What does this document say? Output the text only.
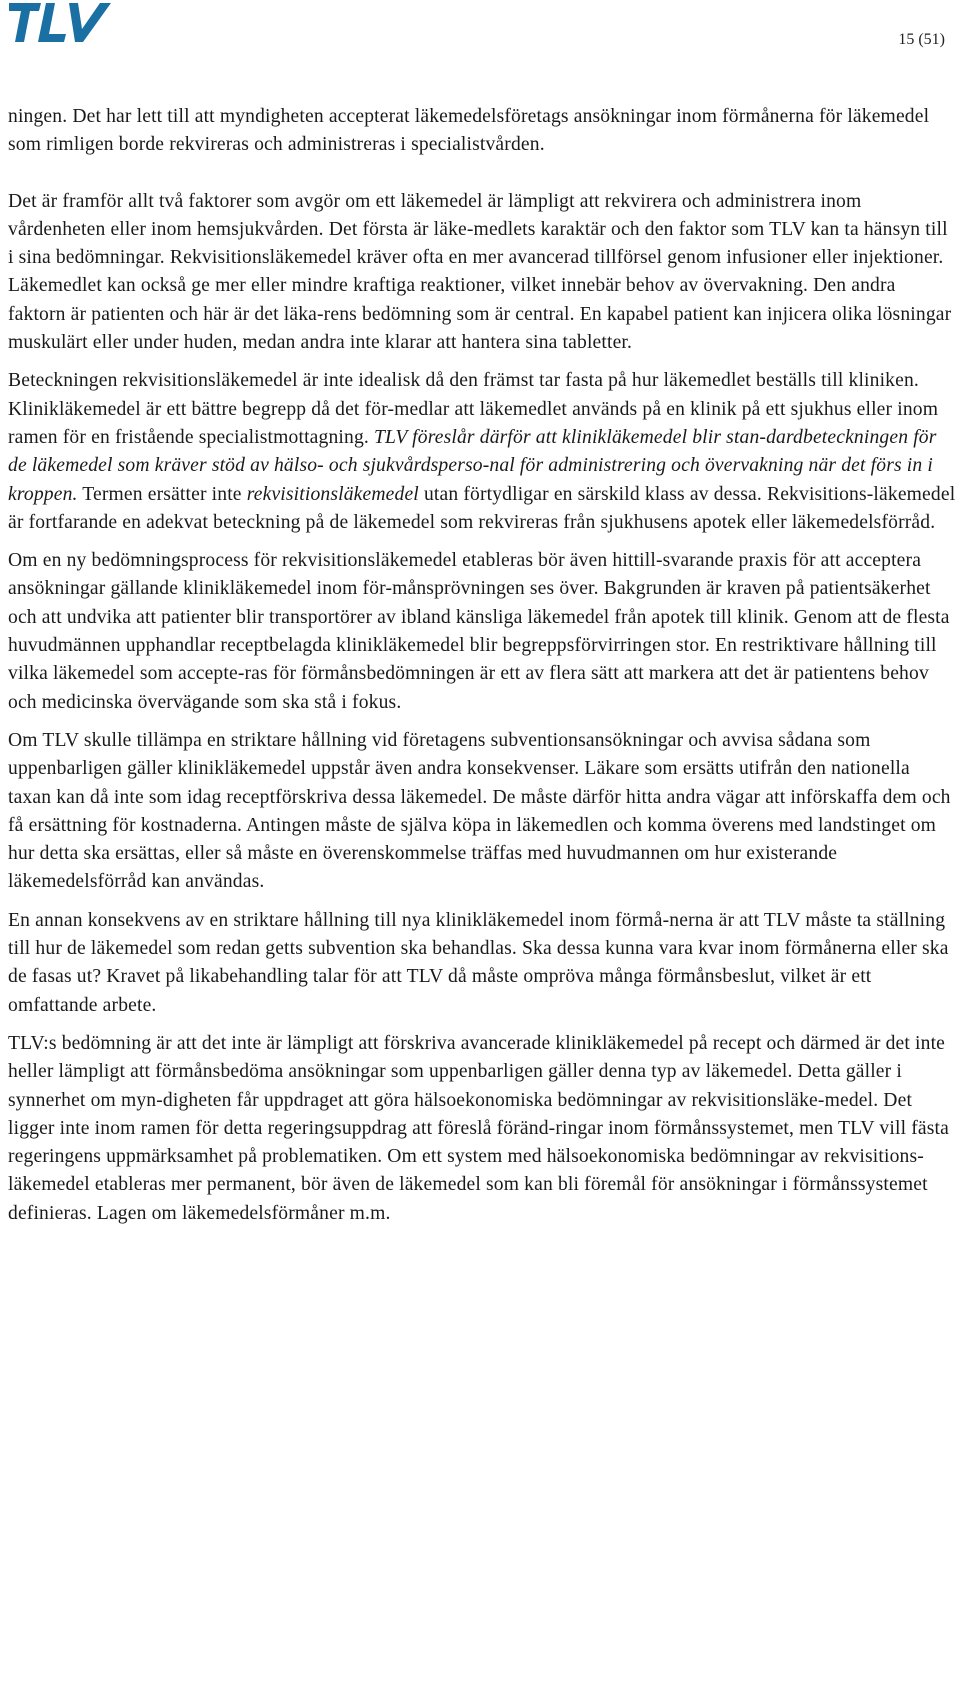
15 (51)

ningen. Det har lett till att myndigheten accepterat läkemedelsföretags ansökningar inom förmånerna för läkemedel som rimligen borde rekvireras och administreras i specialistvården.

Det är framför allt två faktorer som avgör om ett läkemedel är lämpligt att rekvirera och administrera inom vårdenheten eller inom hemsjukvården. Det första är läke-medlets karaktär och den faktor som TLV kan ta hänsyn till i sina bedömningar. Rekvisitionsläkemedel kräver ofta en mer avancerad tillförsel genom infusioner eller injektioner. Läkemedlet kan också ge mer eller mindre kraftiga reaktioner, vilket innebär behov av övervakning. Den andra faktorn är patienten och här är det läka-rens bedömning som är central. En kapabel patient kan injicera olika lösningar muskulärt eller under huden, medan andra inte klarar att hantera sina tabletter.

Beteckningen rekvisitionsläkemedel är inte idealisk då den främst tar fasta på hur läkemedlet beställs till kliniken. Klinikläkemedel är ett bättre begrepp då det för-medlar att läkemedlet används på en klinik på ett sjukhus eller inom ramen för en fristående specialistmottagning. TLV föreslår därför att klinikläkemedel blir stan-dardbeteckningen för de läkemedel som kräver stöd av hälso- och sjukvårdsperso-nal för administrering och övervakning när det förs in i kroppen. Termen ersätter inte rekvisitionsläkemedel utan förtydligar en särskild klass av dessa. Rekvisitions-läkemedel är fortfarande en adekvat beteckning på de läkemedel som rekvireras från sjukhusens apotek eller läkemedelsförråd.

Om en ny bedömningsprocess för rekvisitionsläkemedel etableras bör även hittill-svarande praxis för att acceptera ansökningar gällande klinikläkemedel inom för-månsprövningen ses över. Bakgrunden är kraven på patientsäkerhet och att undvika att patienter blir transportörer av ibland känsliga läkemedel från apotek till klinik. Genom att de flesta huvudmännen upphandlar receptbelagda klinikläkemedel blir begreppsförvirringen stor. En restriktivare hållning till vilka läkemedel som accepte-ras för förmånsbedömningen är ett av flera sätt att markera att det är patientens behov och medicinska övervägande som ska stå i fokus.

Om TLV skulle tillämpa en striktare hållning vid företagens subventionsansökningar och avvisa sådana som uppenbarligen gäller klinikläkemedel uppstår även andra konsekvenser. Läkare som ersätts utifrån den nationella taxan kan då inte som idag receptförskriva dessa läkemedel. De måste därför hitta andra vägar att införskaffa dem och få ersättning för kostnaderna. Antingen måste de själva köpa in läkemedlen och komma överens med landstinget om hur detta ska ersättas, eller så måste en överenskommelse träffas med huvudmannen om hur existerande läkemedelsförråd kan användas.

En annan konsekvens av en striktare hållning till nya klinikläkemedel inom förmå-nerna är att TLV måste ta ställning till hur de läkemedel som redan getts subvention ska behandlas. Ska dessa kunna vara kvar inom förmånerna eller ska de fasas ut? Kravet på likabehandling talar för att TLV då måste ompröva många förmånsbeslut, vilket är ett omfattande arbete.

TLV:s bedömning är att det inte är lämpligt att förskriva avancerade klinikläkemedel på recept och därmed är det inte heller lämpligt att förmånsbedöma ansökningar som uppenbarligen gäller denna typ av läkemedel. Detta gäller i synnerhet om myn-digheten får uppdraget att göra hälsoekonomiska bedömningar av rekvisitionsläke-medel. Det ligger inte inom ramen för detta regeringsuppdrag att föreslå föränd-ringar inom förmånssystemet, men TLV vill fästa regeringens uppmärksamhet på problematiken. Om ett system med hälsoekonomiska bedömningar av rekvisitions-läkemedel etableras mer permanent, bör även de läkemedel som kan bli föremål för ansökningar i förmånssystemet definieras. Lagen om läkemedelsförmåner m.m.
